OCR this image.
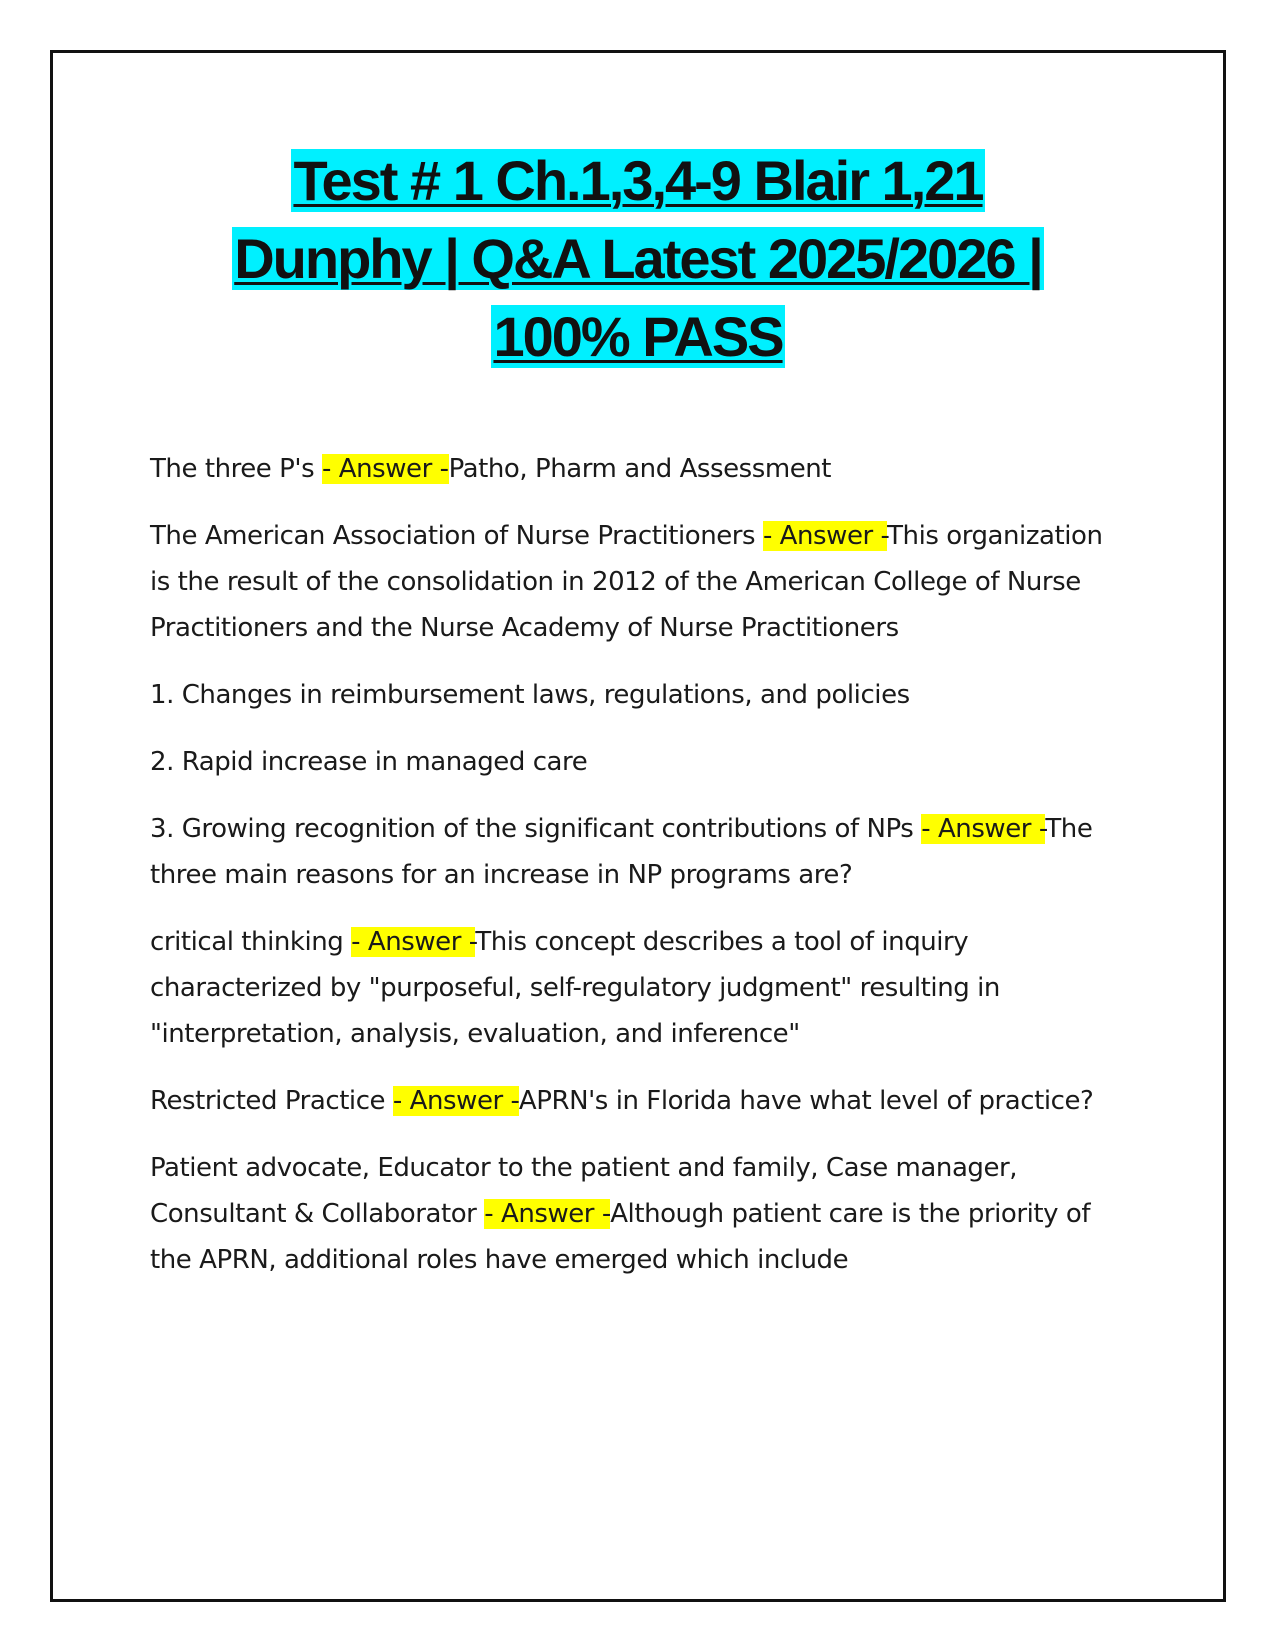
Test # 1 Ch.1,3,4-9 Blair 1,21
Dunphy | Q&A Latest 2025/2026 |
100% PASS

The three P's - Answer -Patho, Pharm and Assessment

The American Association of Nurse Practitioners - Answer -This organization is the result of the consolidation in 2012 of the American College of Nurse Practitioners and the Nurse Academy of Nurse Practitioners

1. Changes in reimbursement laws, regulations, and policies

2. Rapid increase in managed care

3. Growing recognition of the significant contributions of NPs - Answer -The three main reasons for an increase in NP programs are?

critical thinking - Answer -This concept describes a tool of inquiry characterized by "purposeful, self-regulatory judgment" resulting in "interpretation, analysis, evaluation, and inference"

Restricted Practice - Answer -APRN's in Florida have what level of practice?

Patient advocate, Educator to the patient and family, Case manager, Consultant & Collaborator - Answer -Although patient care is the priority of the APRN, additional roles have emerged which include
